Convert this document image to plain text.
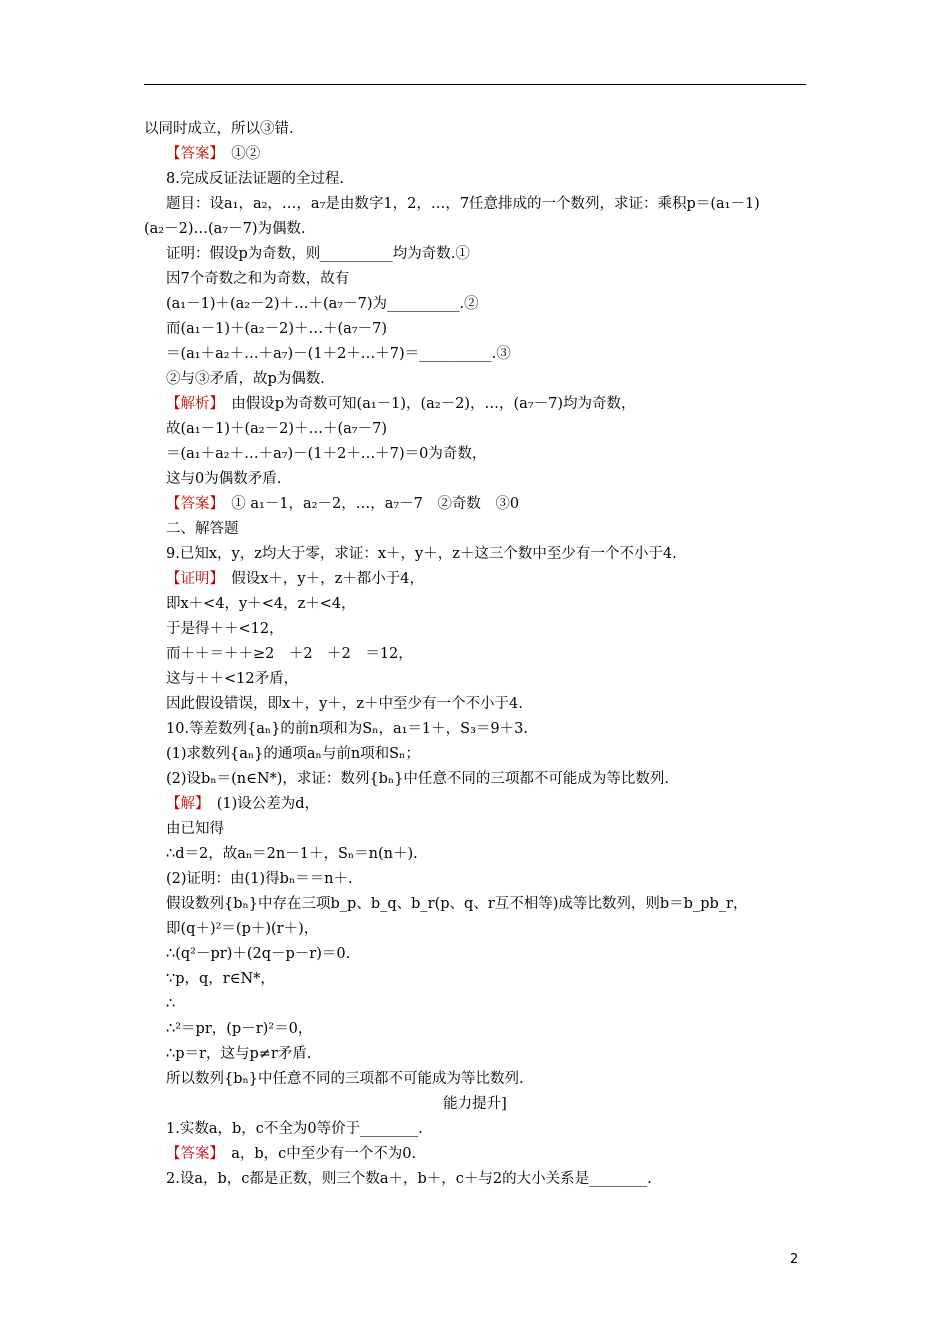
以同时成立，所以③错.
【答案】　①②
8.完成反证法证题的全过程.
题目：设a₁，a₂，…，a₇是由数字1，2，…，7任意排成的一个数列，求证：乘积p＝(a₁－1)
(a₂－2)…(a₇－7)为偶数.
证明：假设p为奇数，则__________均为奇数.①
因7个奇数之和为奇数，故有
(a₁－1)＋(a₂－2)＋…＋(a₇－7)为__________.②
而(a₁－1)＋(a₂－2)＋…＋(a₇－7)
＝(a₁＋a₂＋…＋a₇)－(1＋2＋…＋7)＝__________.③
②与③矛盾，故p为偶数.
【解析】　由假设p为奇数可知(a₁－1)，(a₂－2)，…，(a₇－7)均为奇数，
故(a₁－1)＋(a₂－2)＋…＋(a₇－7)
＝(a₁＋a₂＋…＋a₇)－(1＋2＋…＋7)＝0为奇数，
这与0为偶数矛盾.
【答案】　① a₁－1，a₂－2，…，a₇－7　②奇数　③0
二、解答题
9.已知x，y，z均大于零，求证：x＋，y＋，z＋这三个数中至少有一个不小于4.
【证明】　假设x＋，y＋，z＋都小于4，
即x＋<4，y＋<4，z＋<4，
于是得＋＋<12，
而＋＋＝＋＋≥2　＋2　＋2　＝12，
这与＋＋<12矛盾，
因此假设错误，即x＋，y＋，z＋中至少有一个不小于4.
10.等差数列{aₙ}的前n项和为Sₙ，a₁＝1＋，S₃＝9＋3.
(1)求数列{aₙ}的通项aₙ与前n项和Sₙ；
(2)设bₙ＝(n∈N*)，求证：数列{bₙ}中任意不同的三项都不可能成为等比数列.
【解】　(1)设公差为d，
由已知得
∴d＝2，故aₙ＝2n－1＋，Sₙ＝n(n＋).
(2)证明：由(1)得bₙ＝＝n＋.
假设数列{bₙ}中存在三项b_p、b_q、b_r(p、q、r互不相等)成等比数列，则b＝b_pb_r，
即(q＋)²＝(p＋)(r＋)，
∴(q²－pr)＋(2q－p－r)＝0.
∵p，q，r∈N*，
∴
∴²＝pr，(p－r)²＝0，
∴p＝r，这与p≠r矛盾.
所以数列{bₙ}中任意不同的三项都不可能成为等比数列.
能力提升]
1.实数a，b，c不全为0等价于________.
【答案】　a，b，c中至少有一个不为0.
2.设a，b，c都是正数，则三个数a＋，b＋，c＋与2的大小关系是________.
2
